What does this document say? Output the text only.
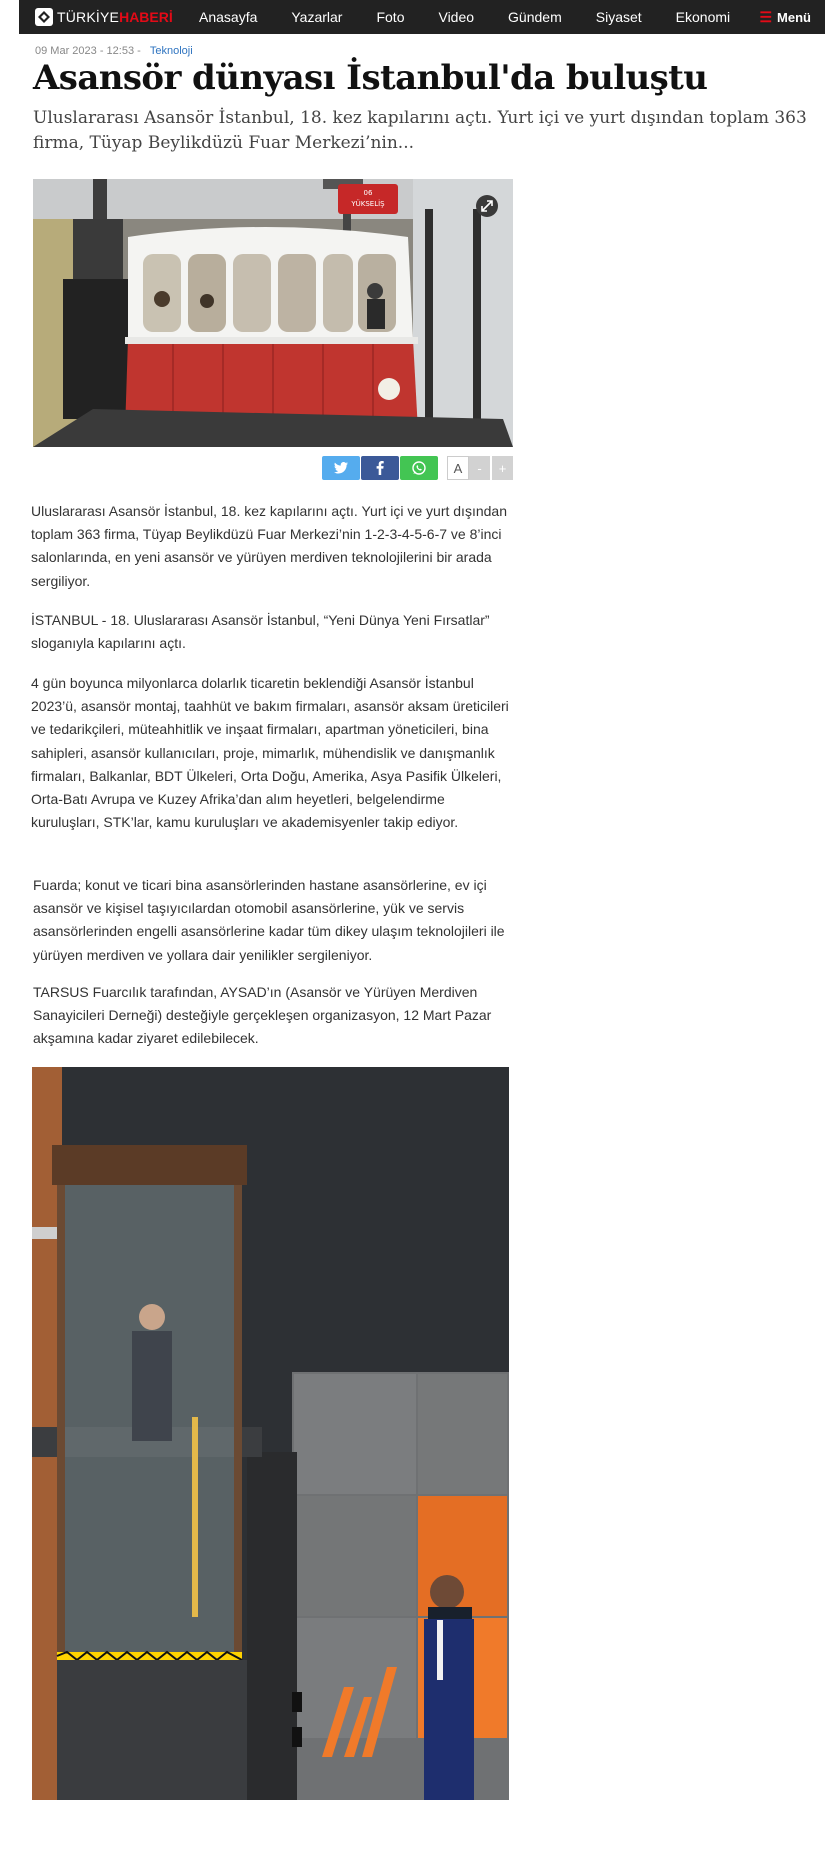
TÜRKİYE HABERİ Anasayfa Yazarlar Foto Video Gündem Siyaset Ekonomi ☰ Menü
09 Mar 2023 - 12:53 - Teknoloji
Asansör dünyası İstanbul'da buluştu

Uluslararası Asansör İstanbul, 18. kez kapılarını açtı. Yurt içi ve yurt dışından toplam 363 firma, Tüyap Beylikdüzü Fuar Merkezi’nin...

06
YÜKSELİŞ
A	-	+

Uluslararası Asansör İstanbul, 18. kez kapılarını açtı. Yurt içi ve yurt dışından toplam 363 firma, Tüyap Beylikdüzü Fuar Merkezi’nin 1-2-3-4-5-6-7 ve 8’inci salonlarında, en yeni asansör ve yürüyen merdiven teknolojilerini bir arada sergiliyor.

İSTANBUL - 18. Uluslararası Asansör İstanbul, “Yeni Dünya Yeni Fırsatlar” sloganıyla kapılarını açtı.

4 gün boyunca milyonlarca dolarlık ticaretin beklendiği Asansör İstanbul 2023’ü, asansör montaj, taahhüt ve bakım firmaları, asansör aksam üreticileri ve tedarikçileri, müteahhitlik ve inşaat firmaları, apartman yöneticileri, bina sahipleri, asansör kullanıcıları, proje, mimarlık, mühendislik ve danışmanlık firmaları, Balkanlar, BDT Ülkeleri, Orta Doğu, Amerika, Asya Pasifik Ülkeleri, Orta-Batı Avrupa ve Kuzey Afrika’dan alım heyetleri, belgelendirme kuruluşları, STK’lar, kamu kuruluşları ve akademisyenler takip ediyor.

Fuarda; konut ve ticari bina asansörlerinden hastane asansörlerine, ev içi asansör ve kişisel taşıyıcılardan otomobil asansörlerine, yük ve servis asansörlerinden engelli asansörlerine kadar tüm dikey ulaşım teknolojileri ile yürüyen merdiven ve yollara dair yenilikler sergileniyor.

TARSUS Fuarcılık tarafından, AYSAD’ın (Asansör ve Yürüyen Merdiven Sanayicileri Derneği) desteğiyle gerçekleşen organizasyon, 12 Mart Pazar akşamına kadar ziyaret edilebilecek.
